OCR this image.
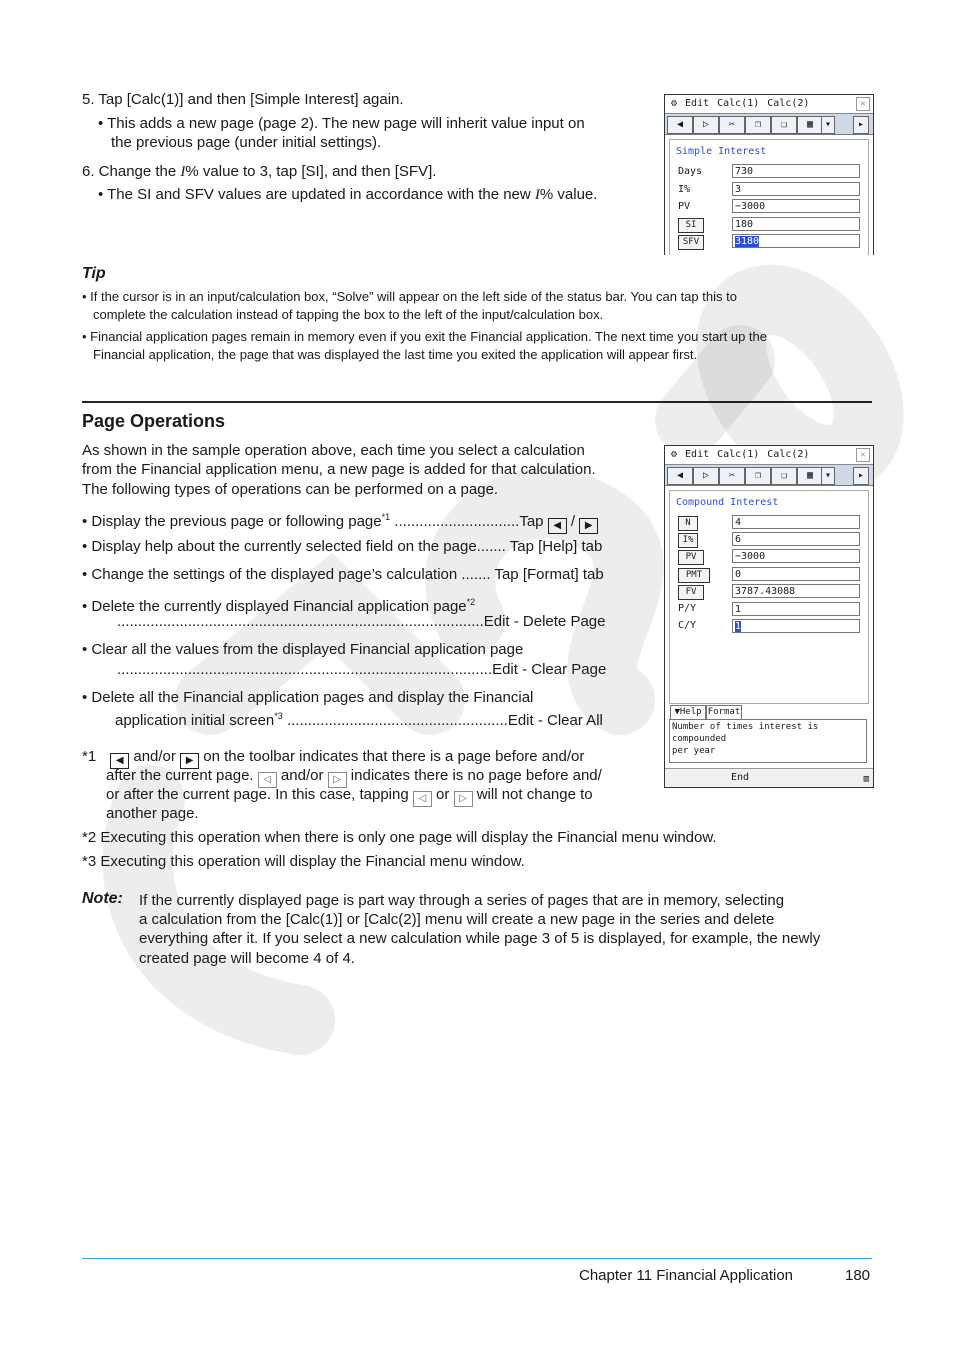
5. Tap [Calc(1)] and then [Simple Interest] again.
• This adds a new page (page 2). The new page will inherit value input on
the previous page (under initial settings).
6. Change the I% value to 3, tap [SI], and then [SFV].
• The SI and SFV values are updated in accordance with the new I% value.
⚙ Edit Calc(1) Calc(2)	✕
◀	▷	✂	❐	❏	▦	▾	▸
Simple Interest
Days	730
I%	3
PV	−3000
SI	180
SFV	3180
Tip
• If the cursor is in an input/calculation box, “Solve” will appear on the left side of the status bar. You can tap this to
complete the calculation instead of tapping the box to the left of the input/calculation box.
• Financial application pages remain in memory even if you exit the Financial application. The next time you start up the
Financial application, the page that was displayed the last time you exited the application will appear first.
Page Operations
As shown in the sample operation above, each time you select a calculation
from the Financial application menu, a new page is added for that calculation.
The following types of operations can be performed on a page.
• Display the previous page or following page$^{*1}$ ..............................Tap ◀ / ▶
• Display help about the currently selected field on the page....... Tap [Help] tab
• Change the settings of the displayed page’s calculation ....... Tap [Format] tab
• Delete the currently displayed Financial application page$^{*2}$
........................................................................................Edit - Delete Page
• Clear all the values from the displayed Financial application page
..........................................................................................Edit - Clear Page
• Delete all the Financial application pages and display the Financial
application initial screen$^{*3}$ .....................................................Edit - Clear All
⚙ Edit Calc(1) Calc(2)	✕
◀	▷	✂	❐	❏	▦	▾	▸
Compound Interest
N	4
I%	6
PV	−3000
PMT	0
FV	3787.43088
P/Y	1
C/Y	1
▼Help Format
Number of times interest is compounded
per year
End	▥
*1 ◀ and/or ▶ on the toolbar indicates that there is a page before and/or
after the current page. ◁ and/or ▷ indicates there is no page before and/
or after the current page. In this case, tapping ◁ or ▷ will not change to
another page.
*2 Executing this operation when there is only one page will display the Financial menu window.
*3 Executing this operation will display the Financial menu window.
Note: If the currently displayed page is part way through a series of pages that are in memory, selecting
a calculation from the [Calc(1)] or [Calc(2)] menu will create a new page in the series and delete
everything after it. If you select a new calculation while page 3 of 5 is displayed, for example, the newly
created page will become 4 of 4.
Chapter 11 Financial Application	180
